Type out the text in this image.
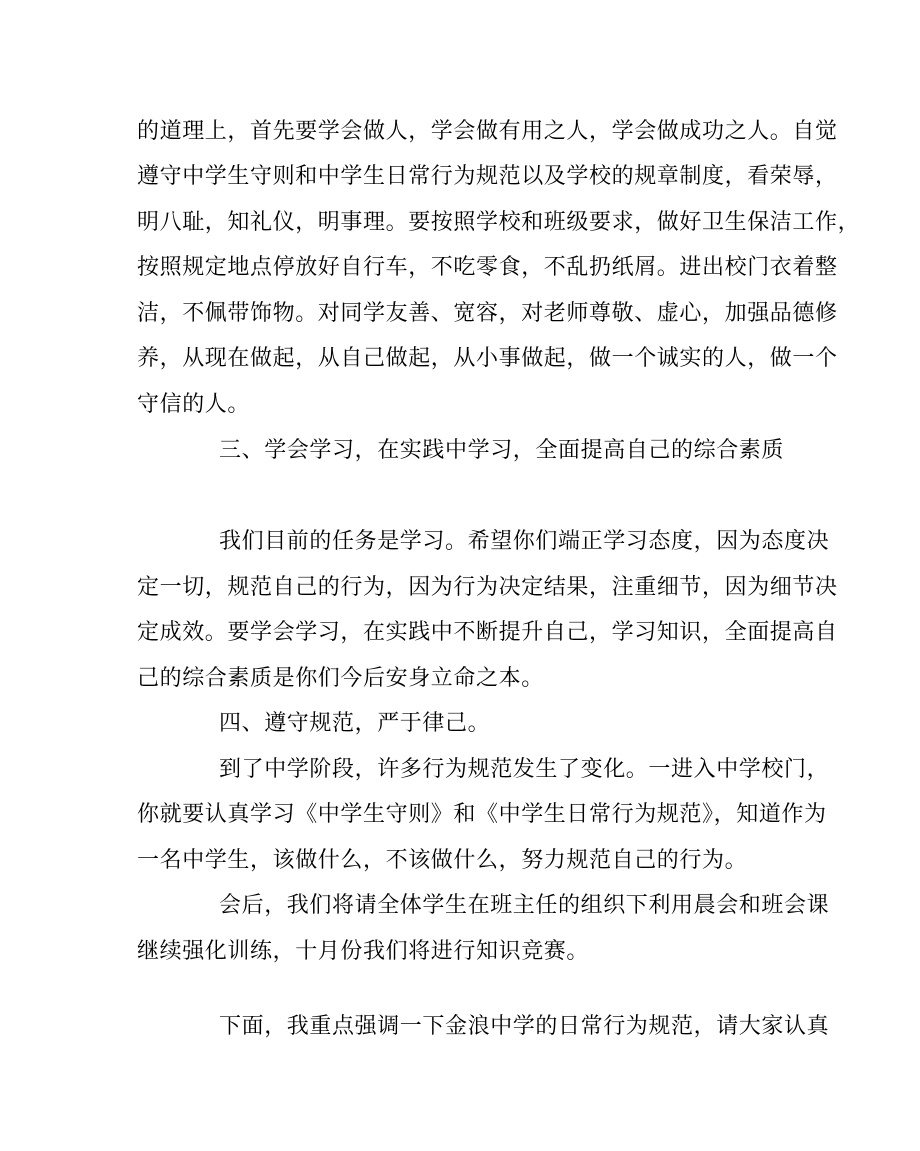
的道理上，首先要学会做人，学会做有用之人，学会做成功之人。自觉
遵守中学生守则和中学生日常行为规范以及学校的规章制度，看荣辱，
明八耻，知礼仪，明事理。要按照学校和班级要求，做好卫生保洁工作，
按照规定地点停放好自行车，不吃零食，不乱扔纸屑。进出校门衣着整
洁，不佩带饰物。对同学友善、宽容，对老师尊敬、虚心，加强品德修
养，从现在做起，从自己做起，从小事做起，做一个诚实的人，做一个
守信的人。
三、学会学习，在实践中学习，全面提高自己的综合素质
我们目前的任务是学习。希望你们端正学习态度，因为态度决
定一切，规范自己的行为，因为行为决定结果，注重细节，因为细节决
定成效。要学会学习，在实践中不断提升自己，学习知识，全面提高自
己的综合素质是你们今后安身立命之本。
四、遵守规范，严于律己。
到了中学阶段，许多行为规范发生了变化。一进入中学校门，
你就要认真学习《中学生守则》和《中学生日常行为规范》，知道作为
一名中学生，该做什么，不该做什么，努力规范自己的行为。
会后，我们将请全体学生在班主任的组织下利用晨会和班会课
继续强化训练，十月份我们将进行知识竞赛。
下面，我重点强调一下金浪中学的日常行为规范，请大家认真
